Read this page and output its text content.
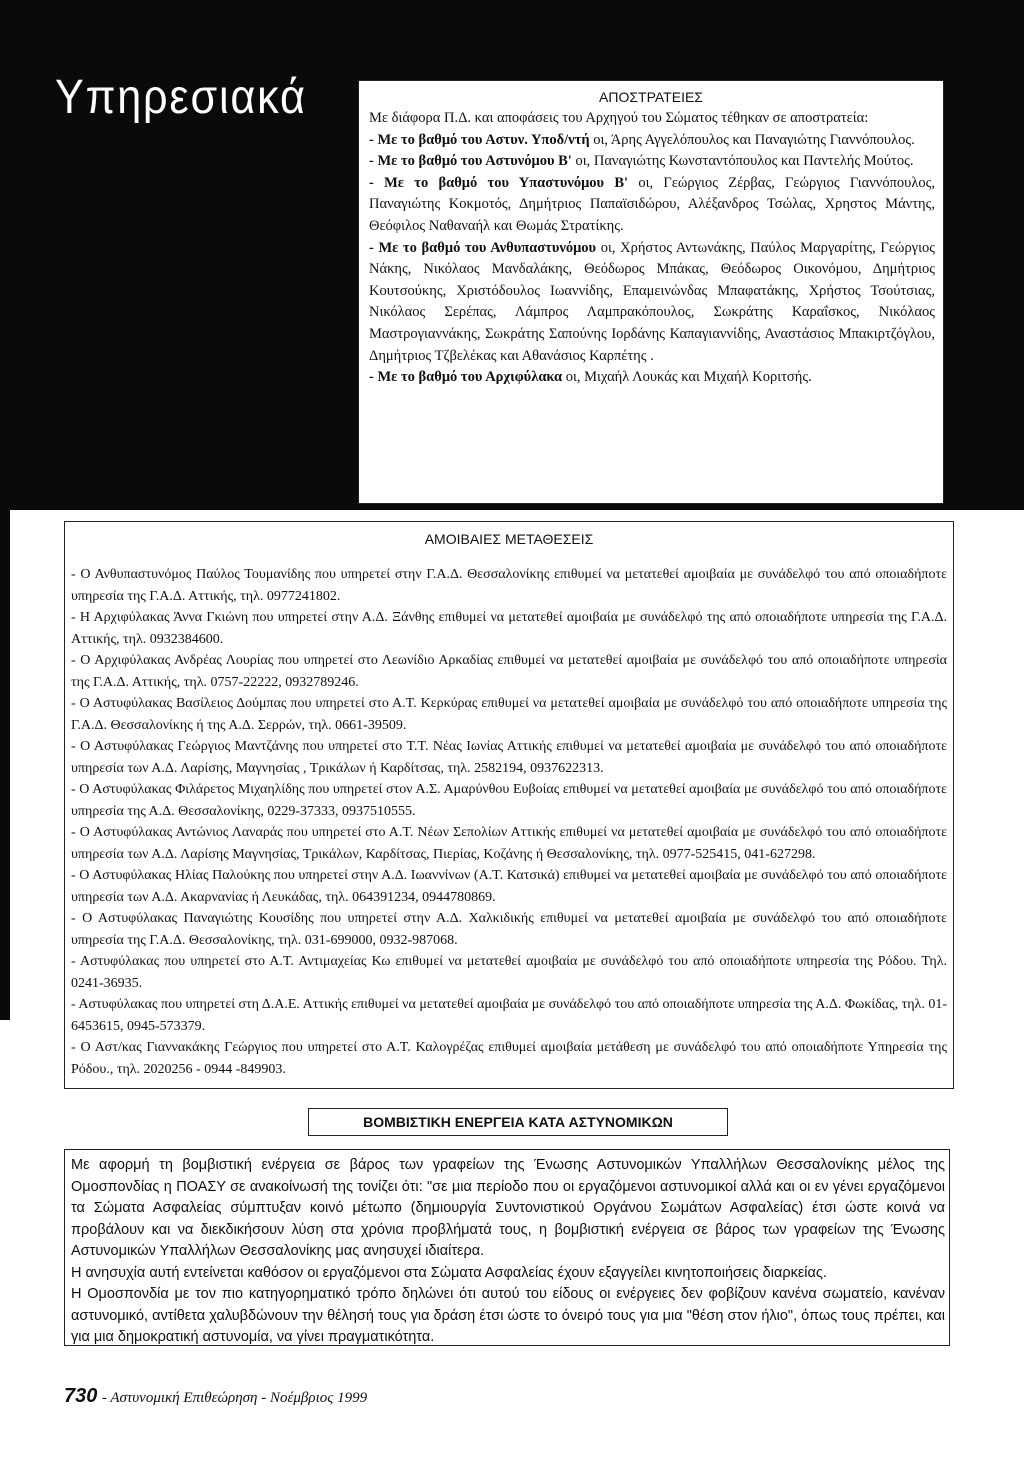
Υπηρεσιακά	ΑΠΟΣΤΡΑΤΕΙΕΣ

Με διάφορα Π.Δ. και αποφάσεις του Αρχηγού του Σώματος τέθηκαν σε αποστρατεία:

- Με το βαθμό του Αστυν. Υποδ/ντή οι, Άρης Αγγελόπουλος και Παναγιώτης Γιαννόπουλος.

- Με το βαθμό του Αστυνόμου Β' οι, Παναγιώτης Κωνσταντόπουλος και Παντελής Μούτος.

- Με το βαθμό του Υπαστυνόμου Β' οι, Γεώργιος Ζέρβας, Γεώργιος Γιαννόπουλος, Παναγιώτης Κοκμοτός, Δημήτριος Παπαϊσιδώρου, Αλέξανδρος Τσώλας, Χρηστος Μάντης, Θεόφιλος Ναθαναήλ και Θωμάς Στρατίκης.

- Με το βαθμό του Ανθυπαστυνόμου οι, Χρήστος Αντωνάκης, Παύλος Μαργαρίτης, Γεώργιος Νάκης, Νικόλαος Μανδαλάκης, Θεόδωρος Μπάκας, Θεόδωρος Οικονόμου, Δημήτριος Κουτσούκης, Χριστόδουλος Ιωαννίδης, Επαμεινώνδας Μπαφατάκης, Χρήστος Τσούτσιας, Νικόλαος Σερέπας, Λάμπρος Λαμπρακόπουλος, Σωκράτης Καραΐσκος, Νικόλαος Μαστρογιαννάκης, Σωκράτης Σαπούνης Ιορδάνης Καπαγιαννίδης, Αναστάσιος Μπακιρτζόγλου, Δημήτριος Τζβελέκας και Αθανάσιος Καρπέτης .

- Με το βαθμό του Αρχιφύλακα οι, Μιχαήλ Λουκάς και Μιχαήλ Κοριτσής.

ΑΜΟΙΒΑΙΕΣ ΜΕΤΑΘΕΣΕΙΣ

- Ο Ανθυπαστυνόμος Παύλος Τουμανίδης που υπηρετεί στην Γ.Α.Δ. Θεσσαλονίκης επιθυμεί να μετατεθεί αμοιβαία με συνάδελφό του από οποιαδήποτε υπηρεσία της Γ.Α.Δ. Αττικής, τηλ. 0977241802.

- Η Αρχιφύλακας Άννα Γκιώνη που υπηρετεί στην Α.Δ. Ξάνθης επιθυμεί να μετατεθεί αμοιβαία με συνάδελφό της από οποιαδήποτε υπηρεσία της Γ.Α.Δ. Αττικής, τηλ. 0932384600.

- Ο Αρχιφύλακας Ανδρέας Λουρίας που υπηρετεί στο Λεωνίδιο Αρκαδίας επιθυμεί να μετατεθεί αμοιβαία με συνάδελφό του από οποιαδήποτε υπηρεσία της Γ.Α.Δ. Αττικής, τηλ. 0757-22222, 0932789246.

- Ο Αστυφύλακας Βασίλειος Δούμπας που υπηρετεί στο Α.Τ. Κερκύρας επιθυμεί να μετατεθεί αμοιβαία με συνάδελφό του από οποιαδήποτε υπηρεσία της Γ.Α.Δ. Θεσσαλονίκης ή της Α.Δ. Σερρών, τηλ. 0661-39509.

- Ο Αστυφύλακας Γεώργιος Μαντζάνης που υπηρετεί στο Τ.Τ. Νέας Ιωνίας Αττικής επιθυμεί να μετατεθεί αμοιβαία με συνάδελφό του από οποιαδήποτε υπηρεσία των Α.Δ. Λαρίσης, Μαγνησίας , Τρικάλων ή Καρδίτσας, τηλ. 2582194, 0937622313.

- Ο Αστυφύλακας Φιλάρετος Μιχαηλίδης που υπηρετεί στον Α.Σ. Αμαρύνθου Ευβοίας επιθυμεί να μετατεθεί αμοιβαία με συνάδελφό του από οποιαδήποτε υπηρεσία της Α.Δ. Θεσσαλονίκης, 0229-37333, 0937510555.

- Ο Αστυφύλακας Αντώνιος Λαναράς που υπηρετεί στο Α.Τ. Νέων Σεπολίων Αττικής επιθυμεί να μετατεθεί αμοιβαία με συνάδελφό του από οποιαδήποτε υπηρεσία των Α.Δ. Λαρίσης Μαγνησίας, Τρικάλων, Καρδίτσας, Πιερίας, Κοζάνης ή Θεσσαλονίκης, τηλ. 0977-525415, 041-627298.

- Ο Αστυφύλακας Ηλίας Παλούκης που υπηρετεί στην Α.Δ. Ιωαννίνων (Α.Τ. Κατσικά) επιθυμεί να μετατεθεί αμοιβαία με συνάδελφό του από οποιαδήποτε υπηρεσία των Α.Δ. Ακαρνανίας ή Λευκάδας, τηλ. 064391234, 0944780869.

- Ο Αστυφύλακας Παναγιώτης Κουσίδης που υπηρετεί στην Α.Δ. Χαλκιδικής επιθυμεί να μετατεθεί αμοιβαία με συνάδελφό του από οποιαδήποτε υπηρεσία της Γ.Α.Δ. Θεσσαλονίκης, τηλ. 031-699000, 0932-987068.

- Αστυφύλακας που υπηρετεί στο Α.Τ. Αντιμαχείας Κω επιθυμεί να μετατεθεί αμοιβαία με συνάδελφό του από οποιαδήποτε υπηρεσία της Ρόδου. Τηλ. 0241-36935.

- Αστυφύλακας που υπηρετεί στη Δ.Α.Ε. Αττικής επιθυμεί να μετατεθεί αμοιβαία με συνάδελφό του από οποιαδήποτε υπηρεσία της Α.Δ. Φωκίδας, τηλ. 01-6453615, 0945-573379.

- Ο Αστ/κας Γιαννακάκης Γεώργιος που υπηρετεί στο Α.Τ. Καλογρέζας επιθυμεί αμοιβαία μετάθεση με συνάδελφό του από οποιαδήποτε Υπηρεσία της Ρόδου., τηλ. 2020256 - 0944 -849903.

ΒΟΜΒΙΣΤΙΚΗ ΕΝΕΡΓΕΙΑ ΚΑΤΑ ΑΣΤΥΝΟΜΙΚΩΝ

Με αφορμή τη βομβιστική ενέργεια σε βάρος των γραφείων της Ένωσης Αστυνομικών Υπαλλήλων Θεσσαλονίκης μέλος της Ομοσπονδίας η ΠΟΑΣΥ σε ανακοίνωσή της τονίζει ότι: "σε μια περίοδο που οι εργαζόμενοι αστυνομικοί αλλά και οι εν γένει εργαζόμενοι τα Σώματα Ασφαλείας σύμπτυξαν κοινό μέτωπο (δημιουργία Συντονιστικού Οργάνου Σωμάτων Ασφαλείας) έτσι ώστε κοινά να προβάλουν και να διεκδικήσουν λύση στα χρόνια προβλήματά τους, η βομβιστική ενέργεια σε βάρος των γραφείων της Ένωσης Αστυνομικών Υπαλλήλων Θεσσαλονίκης μας ανησυχεί ιδιαίτερα.

Η ανησυχία αυτή εντείνεται καθόσον οι εργαζόμενοι στα Σώματα Ασφαλείας έχουν εξαγγείλει κινητοποιήσεις διαρκείας.

Η Ομοσπονδία με τον πιο κατηγορηματικό τρόπο δηλώνει ότι αυτού του είδους οι ενέργειες δεν φοβίζουν κανένα σωματείο, κανέναν αστυνομικό, αντίθετα χαλυβδώνουν την θέλησή τους για δράση έτσι ώστε το όνειρό τους για μια "θέση στον ήλιο", όπως τους πρέπει, και για μια δημοκρατική αστυνομία, να γίνει πραγματικότητα.

730 - Αστυνομική Επιθεώρηση - Νοέμβριος 1999
